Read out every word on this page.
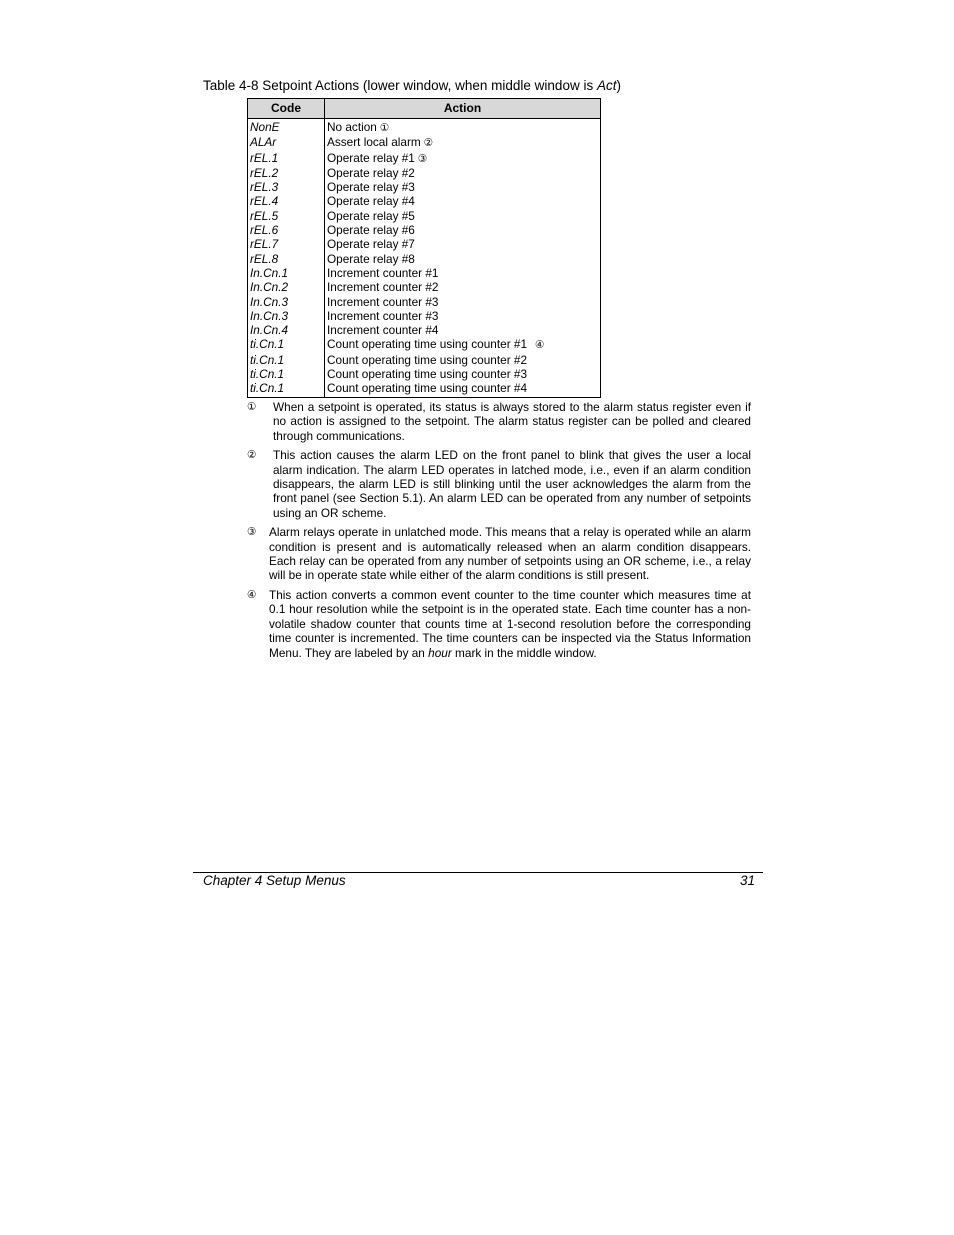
Table 4-8 Setpoint Actions (lower window, when middle window is Act)
Code	Action
NonE	No action ①
ALAr	Assert local alarm ②
rEL.1	Operate relay #1 ③
rEL.2	Operate relay #2
rEL.3	Operate relay #3
rEL.4	Operate relay #4
rEL.5	Operate relay #5
rEL.6	Operate relay #6
rEL.7	Operate relay #7
rEL.8	Operate relay #8
In.Cn.1	Increment counter #1
In.Cn.2	Increment counter #2
In.Cn.3	Increment counter #3
In.Cn.3	Increment counter #3
In.Cn.4	Increment counter #4
ti.Cn.1	Count operating time using counter #1 ④
ti.Cn.1	Count operating time using counter #2
ti.Cn.1	Count operating time using counter #3
ti.Cn.1	Count operating time using counter #4
① When a setpoint is operated, its status is always stored to the alarm status register even if no action is assigned to the setpoint. The alarm status register can be polled and cleared through communications.
② This action causes the alarm LED on the front panel to blink that gives the user a local alarm indication. The alarm LED operates in latched mode, i.e., even if an alarm condition disappears, the alarm LED is still blinking until the user acknowledges the alarm from the front panel (see Section 5.1). An alarm LED can be operated from any number of setpoints using an OR scheme.
③ Alarm relays operate in unlatched mode. This means that a relay is operated while an alarm condition is present and is automatically released when an alarm condition disappears. Each relay can be operated from any number of setpoints using an OR scheme, i.e., a relay will be in operate state while either of the alarm conditions is still present.
④ This action converts a common event counter to the time counter which measures time at 0.1 hour resolution while the setpoint is in the operated state. Each time counter has a non-volatile shadow counter that counts time at 1-second resolution before the corresponding time counter is incremented. The time counters can be inspected via the Status Information Menu. They are labeled by an hour mark in the middle window.
Chapter 4 Setup Menus	31
